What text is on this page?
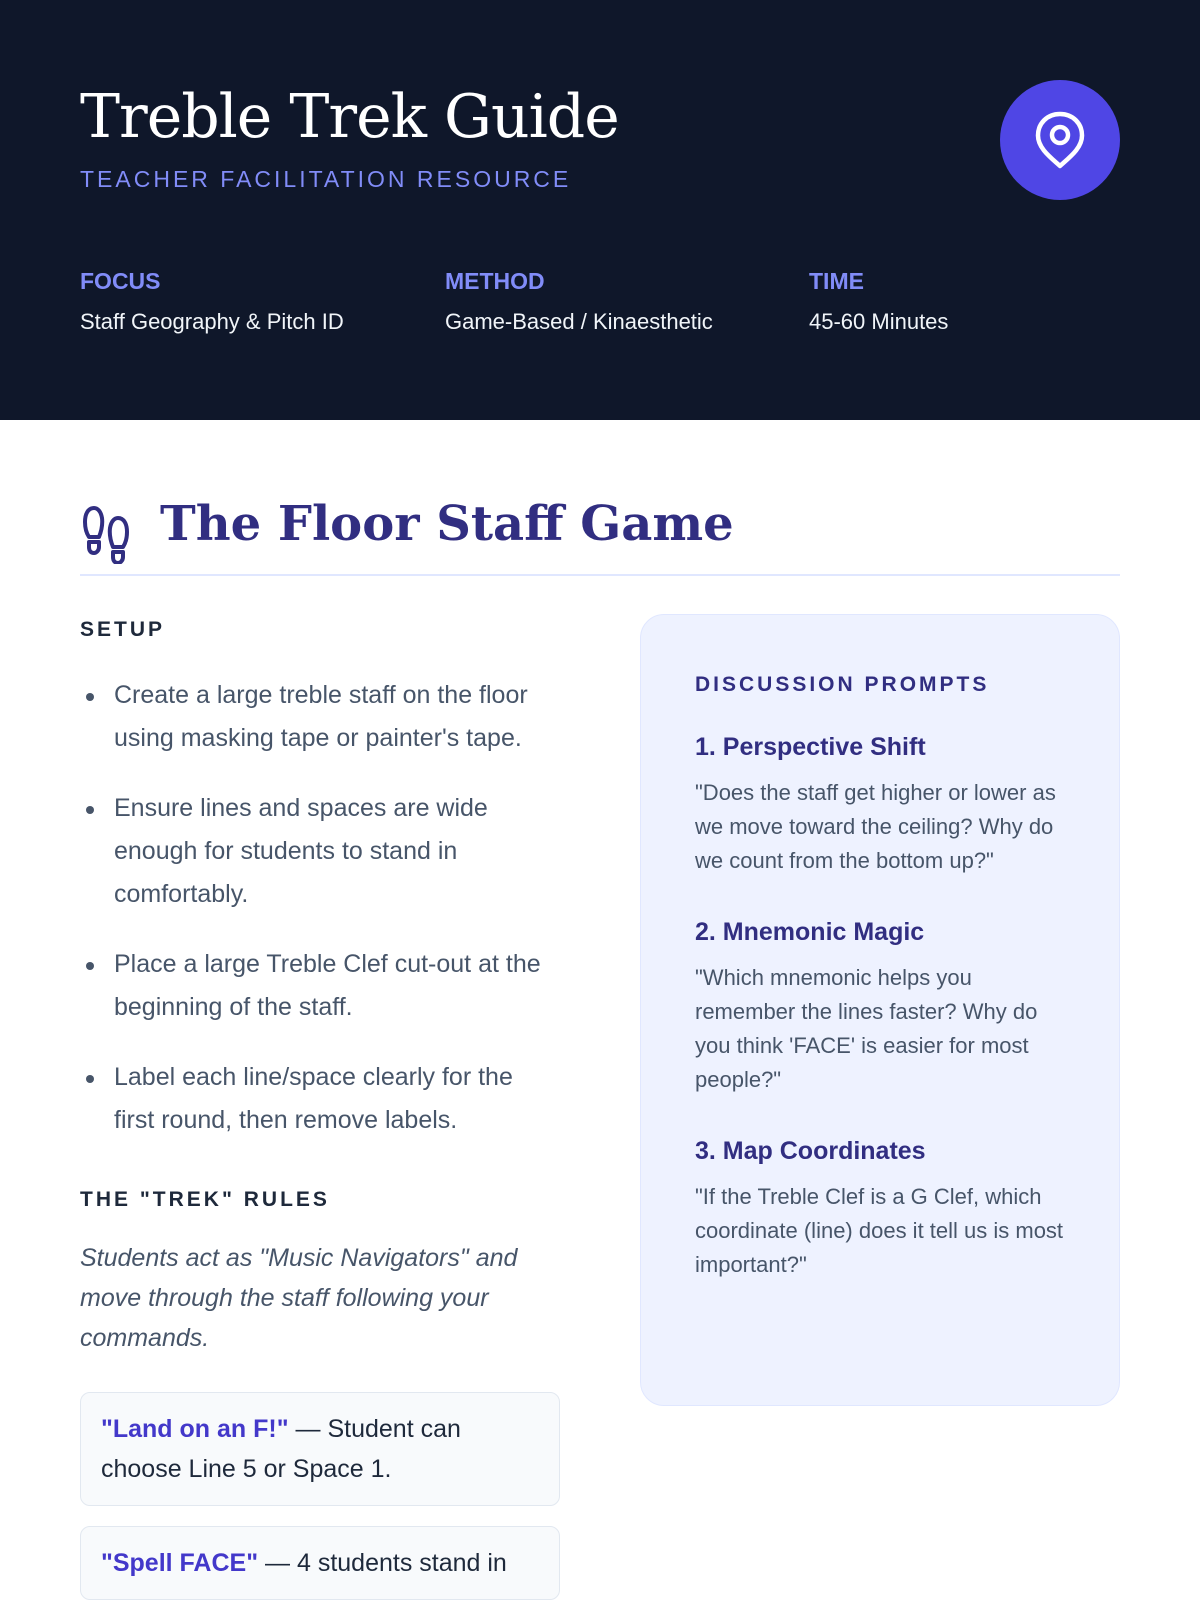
Treble Trek Guide
TEACHER FACILITATION RESOURCE
FOCUS
Staff Geography & Pitch ID
METHOD
Game-Based / Kinaesthetic
TIME
45-60 Minutes
The Floor Staff Game
SETUP
Create a large treble staff on the floor using masking tape or painter's tape.
Ensure lines and spaces are wide enough for students to stand in comfortably.
Place a large Treble Clef cut-out at the beginning of the staff.
Label each line/space clearly for the first round, then remove labels.
THE "TREK" RULES

Students act as "Music Navigators" and move through the staff following your commands.

"Land on an F!" — Student can choose Line 5 or Space 1.
"Spell FACE" — 4 students stand in
DISCUSSION PROMPTS
1. Perspective Shift

"Does the staff get higher or lower as we move toward the ceiling? Why do we count from the bottom up?"

2. Mnemonic Magic

"Which mnemonic helps you remember the lines faster? Why do you think 'FACE' is easier for most people?"

3. Map Coordinates

"If the Treble Clef is a G Clef, which coordinate (line) does it tell us is most important?"
